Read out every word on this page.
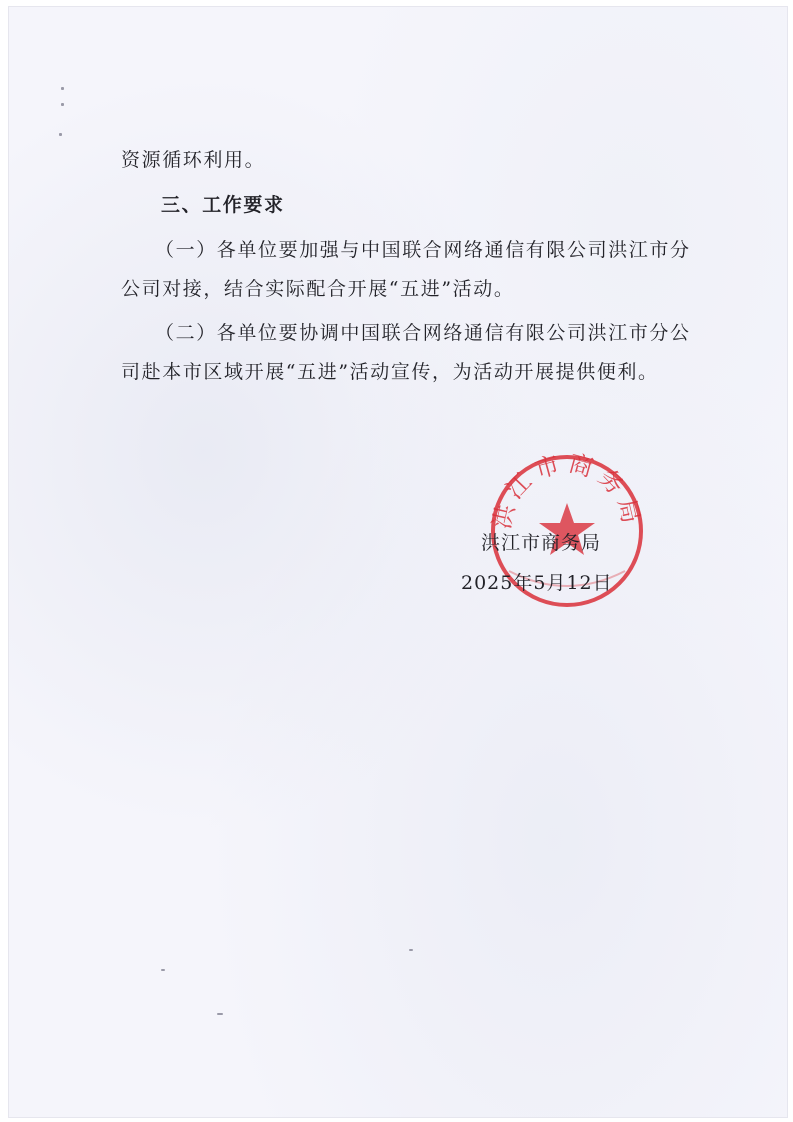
资源循环利用。
三、工作要求
（一）各单位要加强与中国联合网络通信有限公司洪江市分
公司对接，结合实际配合开展“五进”活动。
（二）各单位要协调中国联合网络通信有限公司洪江市分公
司赴本市区域开展“五进”活动宣传，为活动开展提供便利。
洪江市商务局
洪江市商务局
2025年5月12日
